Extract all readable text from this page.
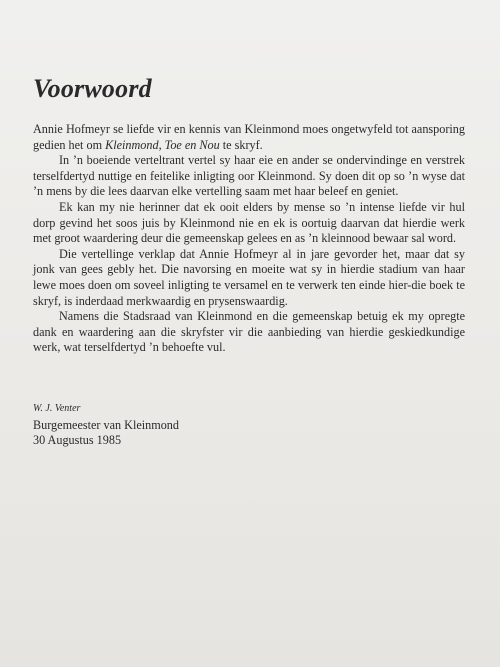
Voorwoord

Annie Hofmeyr se liefde vir en kennis van Kleinmond moes ongetwyfeld tot aansporing gedien het om Kleinmond, Toe en Nou te skryf.

In ’n boeiende verteltrant vertel sy haar eie en ander se ondervindinge en verstrek terselfdertyd nuttige en feitelike inligting oor Kleinmond. Sy doen dit op so ’n wyse dat ’n mens by die lees daarvan elke vertelling saam met haar beleef en geniet.

Ek kan my nie herinner dat ek ooit elders by mense so ’n intense liefde vir hul dorp gevind het soos juis by Kleinmond nie en ek is oortuig daarvan dat hierdie werk met groot waardering deur die gemeenskap gelees en as ’n kleinnood bewaar sal word.

Die vertellinge verklap dat Annie Hofmeyr al in jare gevorder het, maar dat sy jonk van gees gebly het. Die navorsing en moeite wat sy in hierdie stadium van haar lewe moes doen om soveel inligting te versamel en te verwerk ten einde hier-die boek te skryf, is inderdaad merkwaardig en prysenswaardig.

Namens die Stadsraad van Kleinmond en die gemeenskap betuig ek my opregte dank en waardering aan die skryfster vir die aanbieding van hierdie geskiedkundige werk, wat terselfdertyd ’n behoefte vul.

W. J. Venter
Burgemeester van Kleinmond
30 Augustus 1985
